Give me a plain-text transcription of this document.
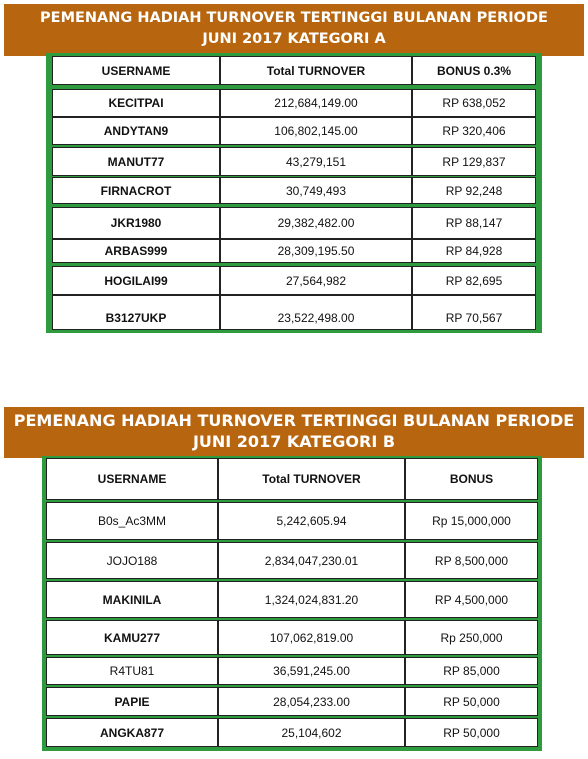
PEMENANG HADIAH TURNOVER TERTINGGI BULANAN PERIODE
JUNI 2017 KATEGORI A
USERNAME	Total TURNOVER	BONUS 0.3%
KECITPAI	212,684,149.00	RP 638,052
ANDYTAN9	106,802,145.00	RP 320,406
MANUT77	43,279,151	RP 129,837
FIRNACROT	30,749,493	RP 92,248
JKR1980	29,382,482.00	RP 88,147
ARBAS999	28,309,195.50	RP 84,928
HOGILAI99	27,564,982	RP 82,695
B3127UKP	23,522,498.00	RP 70,567
PEMENANG HADIAH TURNOVER TERTINGGI BULANAN PERIODE
JUNI 2017 KATEGORI B
USERNAME	Total TURNOVER	BONUS
B0s_Ac3MM	5,242,605.94	Rp 15,000,000
JOJO188	2,834,047,230.01	RP 8,500,000
MAKINILA	1,324,024,831.20	RP 4,500,000
KAMU277	107,062,819.00	Rp 250,000
R4TU81	36,591,245.00	RP 85,000
PAPIE	28,054,233.00	RP 50,000
ANGKA877	25,104,602	RP 50,000
